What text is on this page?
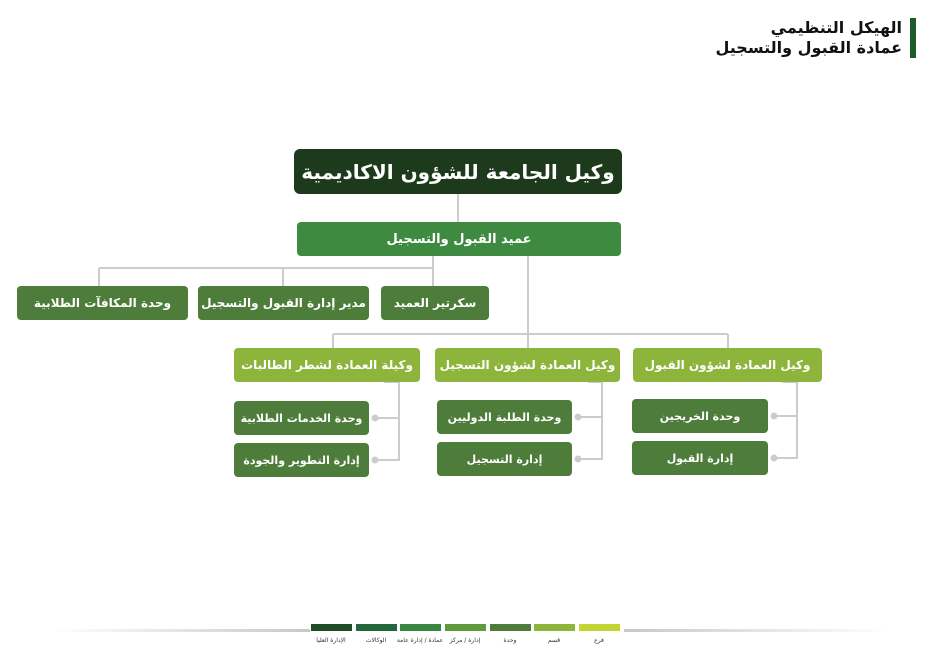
الهيكل التنظيمي
عمادة القبول والتسجيل
وكيل الجامعة للشؤون الاكاديمية
عميد القبول والتسجيل
سكرتير العميد
مدير إدارة القبول والتسجيل
وحدة المكافآت الطلابية
وكيل العمادة لشؤون القبول
وكيل العمادة لشؤون التسجيل
وكيلة العمادة لشطر الطالبات
وحدة الخريجين
إدارة القبول
وحدة الطلبة الدوليين
إدارة التسجيل
وحدة الخدمات الطلابية
إدارة التطوير والجودة
الإدارة العليا	الوكالات	عمادة / إدارة عامة	إدارة / مركز	وحدة	قسم	فرع
